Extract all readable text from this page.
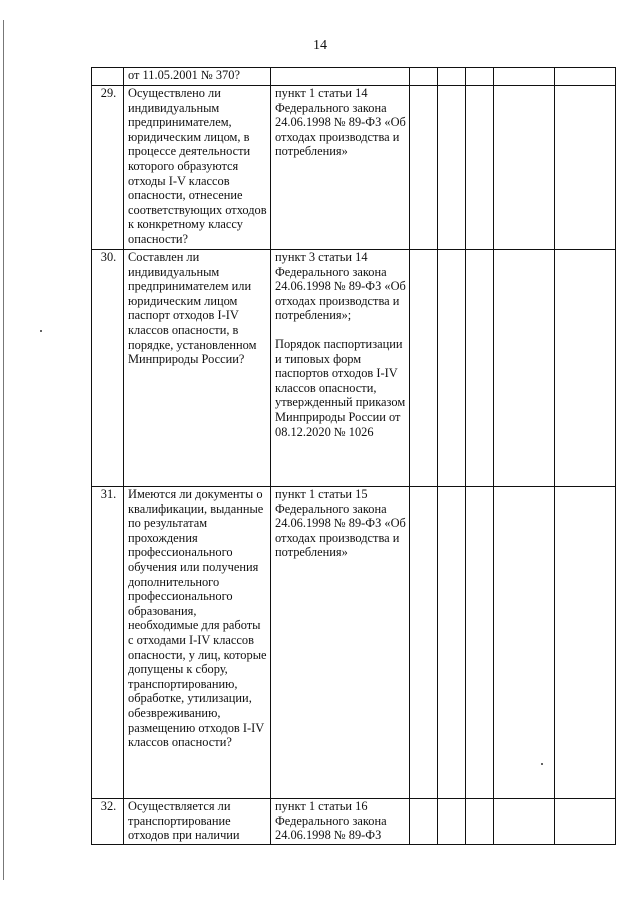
14
	от 11.05.2001 № 370?						
29.	Осуществлено ли индивидуальным предпринимателем, юридическим лицом, в процессе деятельности которого образуются отходы I-V классов опасности, отнесение соответствующих отходов к конкретному классу опасности?	пункт 1 статьи 14 Федерального закона 24.06.1998 № 89-ФЗ «Об отходах производства и потребления»					

30.	Составлен ли индивидуальным предпринимателем или юридическим лицом паспорт отходов I-IV классов опасности, в порядке, установленном Минприроды России?	пункт 3 статьи 14 Федерального закона 24.06.1998 № 89-ФЗ «Об отходах производства и потребления»;
Порядок паспортизации и типовых форм паспортов отходов I-IV классов опасности, утвержденный приказом Минприроды России от 08.12.2020 № 1026					

31.	Имеются ли документы о квалификации, выданные по результатам прохождения профессионального обучения или получения дополнительного профессионального образования, необходимые для работы с отходами I-IV классов опасности, у лиц, которые допущены к сбору, транспортированию, обработке, утилизации, обезвреживанию, размещению отходов I-IV классов опасности?	пункт 1 статьи 15 Федерального закона 24.06.1998 № 89-ФЗ «Об отходах производства и потребления»					

32.	Осуществляется ли транспортирование отходов при наличии	пункт 1 статьи 16 Федерального закона 24.06.1998 № 89-ФЗ					
